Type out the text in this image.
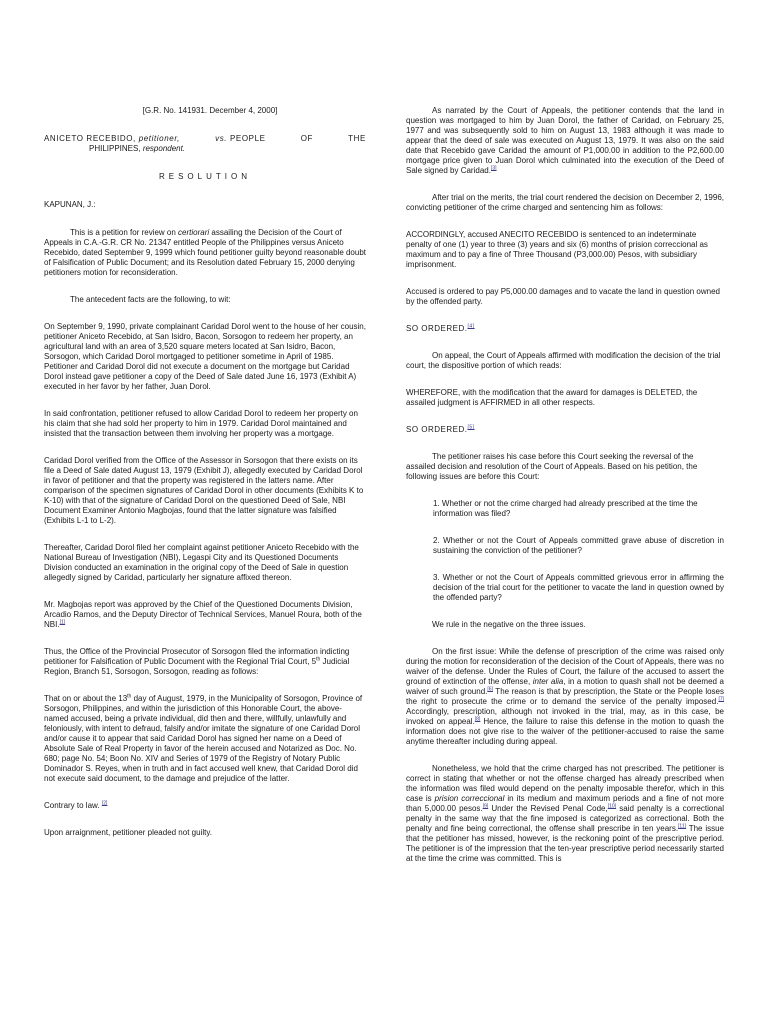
[G.R. No. 141931. December 4, 2000]
ANICETO RECEBIDO, petitioner,	vs. PEOPLE	OF	THE
PHILIPPINES, respondent.
RESOLUTION
KAPUNAN, J.:

This is a petition for review on certiorari assailing the Decision of the Court of Appeals in C.A.-G.R. CR No. 21347 entitled People of the Philippines versus Aniceto Recebido, dated September 9, 1999 which found petitioner guilty beyond reasonable doubt of Falsification of Public Document; and its Resolution dated February 15, 2000 denying petitioners motion for reconsideration.

The antecedent facts are the following, to wit:

On September 9, 1990, private complainant Caridad Dorol went to the house of her cousin, petitioner Aniceto Recebido, at San Isidro, Bacon, Sorsogon to redeem her property, an agricultural land with an area of 3,520 square meters located at San Isidro, Bacon, Sorsogon, which Caridad Dorol mortgaged to petitioner sometime in April of 1985. Petitioner and Caridad Dorol did not execute a document on the mortgage but Caridad Dorol instead gave petitioner a copy of the Deed of Sale dated June 16, 1973 (Exhibit A) executed in her favor by her father, Juan Dorol.

In said confrontation, petitioner refused to allow Caridad Dorol to redeem her property on his claim that she had sold her property to him in 1979. Caridad Dorol maintained and insisted that the transaction between them involving her property was a mortgage.

Caridad Dorol verified from the Office of the Assessor in Sorsogon that there exists on its file a Deed of Sale dated August 13, 1979 (Exhibit J), allegedly executed by Caridad Dorol in favor of petitioner and that the property was registered in the latters name. After comparison of the specimen signatures of Caridad Dorol in other documents (Exhibits K to K-10) with that of the signature of Caridad Dorol on the questioned Deed of Sale, NBI Document Examiner Antonio Magbojas, found that the latter signature was falsified (Exhibits L-1 to L-2).

Thereafter, Caridad Dorol filed her complaint against petitioner Aniceto Recebido with the National Bureau of Investigation (NBI), Legaspi City and its Questioned Documents Division conducted an examination in the original copy of the Deed of Sale in question allegedly signed by Caridad, particularly her signature affixed thereon.

Mr. Magbojas report was approved by the Chief of the Questioned Documents Division, Arcadio Ramos, and the Deputy Director of Technical Services, Manuel Roura, both of the NBI.[1]

Thus, the Office of the Provincial Prosecutor of Sorsogon filed the information indicting petitioner for Falsification of Public Document with the Regional Trial Court, 5th Judicial Region, Branch 51, Sorsogon, Sorsogon, reading as follows:

That on or about the 13th day of August, 1979, in the Municipality of Sorsogon, Province of Sorsogon, Philippines, and within the jurisdiction of this Honorable Court, the above-named accused, being a private individual, did then and there, willfully, unlawfully and feloniously, with intent to defraud, falsify and/or imitate the signature of one Caridad Dorol and/or cause it to appear that said Caridad Dorol has signed her name on a Deed of Absolute Sale of Real Property in favor of the herein accused and Notarized as Doc. No. 680; page No. 54; Boon No. XIV and Series of 1979 of the Registry of Notary Public Dominador S. Reyes, when in truth and in fact accused well knew, that Caridad Dorol did not execute said document, to the damage and prejudice of the latter.

Contrary to law. [2]

Upon arraignment, petitioner pleaded not guilty.

As narrated by the Court of Appeals, the petitioner contends that the land in question was mortgaged to him by Juan Dorol, the father of Caridad, on February 25, 1977 and was subsequently sold to him on August 13, 1983 although it was made to appear that the deed of sale was executed on August 13, 1979. It was also on the said date that Recebido gave Caridad the amount of P1,000.00 in addition to the P2,600.00 mortgage price given to Juan Dorol which culminated into the execution of the Deed of Sale signed by Caridad.[3]

After trial on the merits, the trial court rendered the decision on December 2, 1996, convicting petitioner of the crime charged and sentencing him as follows:

ACCORDINGLY, accused ANECITO RECEBIDO is sentenced to an indeterminate penalty of one (1) year to three (3) years and six (6) months of prision correccional as maximum and to pay a fine of Three Thousand (P3,000.00) Pesos, with subsidiary imprisonment.

Accused is ordered to pay P5,000.00 damages and to vacate the land in question owned by the offended party.

SO ORDERED.[4]

On appeal, the Court of Appeals affirmed with modification the decision of the trial court, the dispositive portion of which reads:

WHEREFORE, with the modification that the award for damages is DELETED, the assailed judgment is AFFIRMED in all other respects.

SO ORDERED.[5]

The petitioner raises his case before this Court seeking the reversal of the assailed decision and resolution of the Court of Appeals. Based on his petition, the following issues are before this Court:

1. Whether or not the crime charged had already prescribed at the time the information was filed?

2. Whether or not the Court of Appeals committed grave abuse of discretion in sustaining the conviction of the petitioner?

3. Whether or not the Court of Appeals committed grievous error in affirming the decision of the trial court for the petitioner to vacate the land in question owned by the offended party?

We rule in the negative on the three issues.

On the first issue: While the defense of prescription of the crime was raised only during the motion for reconsideration of the decision of the Court of Appeals, there was no waiver of the defense. Under the Rules of Court, the failure of the accused to assert the ground of extinction of the offense, inter alia, in a motion to quash shall not be deemed a waiver of such ground.[6] The reason is that by prescription, the State or the People loses the right to prosecute the crime or to demand the service of the penalty imposed.[7] Accordingly, prescription, although not invoked in the trial, may, as in this case, be invoked on appeal.[8] Hence, the failure to raise this defense in the motion to quash the information does not give rise to the waiver of the petitioner-accused to raise the same anytime thereafter including during appeal.

Nonetheless, we hold that the crime charged has not prescribed. The petitioner is correct in stating that whether or not the offense charged has already prescribed when the information was filed would depend on the penalty imposable therefor, which in this case is prision correccional in its medium and maximum periods and a fine of not more than 5,000.00 pesos.[9] Under the Revised Penal Code,[10] said penalty is a correctional penalty in the same way that the fine imposed is categorized as correctional. Both the penalty and fine being correctional, the offense shall prescribe in ten years.[11] The issue that the petitioner has missed, however, is the reckoning point of the prescriptive period. The petitioner is of the impression that the ten-year prescriptive period necessarily started at the time the crime was committed. This is
